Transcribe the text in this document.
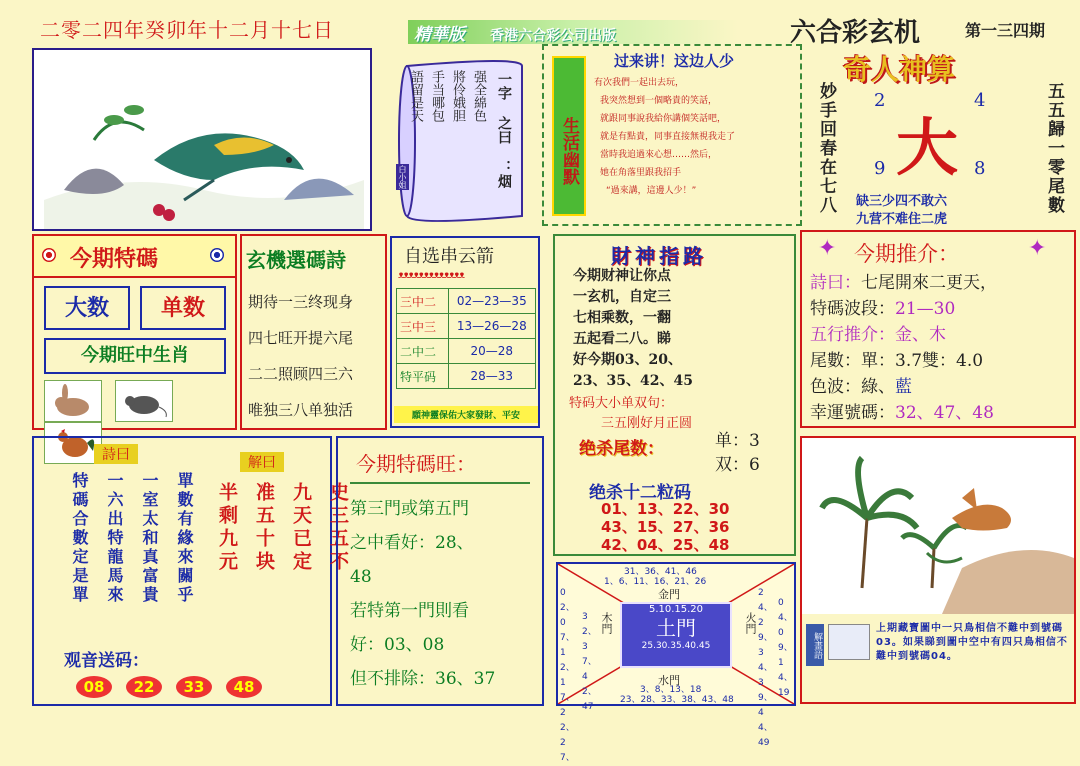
二零二四年癸卯年十二月十七日	精華版 香港六合彩公司出版	六合彩玄机	第一三四期
强全綿色
將伶娥胆
手当哪包
語留是天	一字
之曰
：烟
白小姐	生活幽默
过来讲！这边人少
有次我們一起出去玩，
我突然想到一個略貴的笑話，
就跟同事說我給你講個笑話吧，
就是有點貴，同事直接無視我走了
當時我追過來心想……然后，
她在角落里跟我招手
“過來講，這邊人少！”
奇人神算
妙手回春在七八	五五歸一零尾數
2	4
大
9	8
缺三少四不敢六
九营不难住二虎
今期特碼
大数	单数
今期旺中生肖

玄機選碼詩
期待一三终现身
四七旺开提六尾
二二照顾四三六
唯独三八单独活
自选串云箭
ᴥᴥᴥᴥᴥᴥᴥᴥᴥᴥᴥᴥᴥ
三中二	02—23—35
三中三	13—26—28
二中二	20—28
特平码	28—33
願神靈保佑大家發財、平安
財神指路
今期财神让你点
一玄机，自定三
七相乘数，一翻
五起看二八。睇
好今期03、20、
23、35、42、45
特码大小单双句：
三五刚好月正圆
绝杀尾数：	单：3
双：6
绝杀十二粒码
01、13、22、30
43、15、27、36
42、04、25、48
✦ 今期推介：	✦
詩曰：七尾開來二更天，
特碼波段：21—30
五行推介：金、木
尾數：單：3.7雙：4.0
色波：綠、藍
幸運號碼：32、47、48
詩曰
單數有緣來關乎
一室太和真富貴
一六出特龍馬來
特碼合數定是單
解曰
史三五不
九天已定
准五十块
半剩九元
观音送码：
08 22 33 48
今期特碼旺：
第三門或第五門
之中看好：28、
48
若特第一門則看
好：03、08
但不排除：36、37
31、36、41、46
1、6、11、16、21、26
金門
02、07、12、17、22、27、
32、37、42、47
木門
24、29、34、39、44、49
04、09、14、19
火門
5.10.15.20
土門
25.30.35.40.45
水門
3、8、13、18
23、28、33、38、43、48
解畫語
上期藏寶圖中一只鳥相信不難中到號碼03。如果睇到圖中空中有四只鳥相信不難中到號碼04。
